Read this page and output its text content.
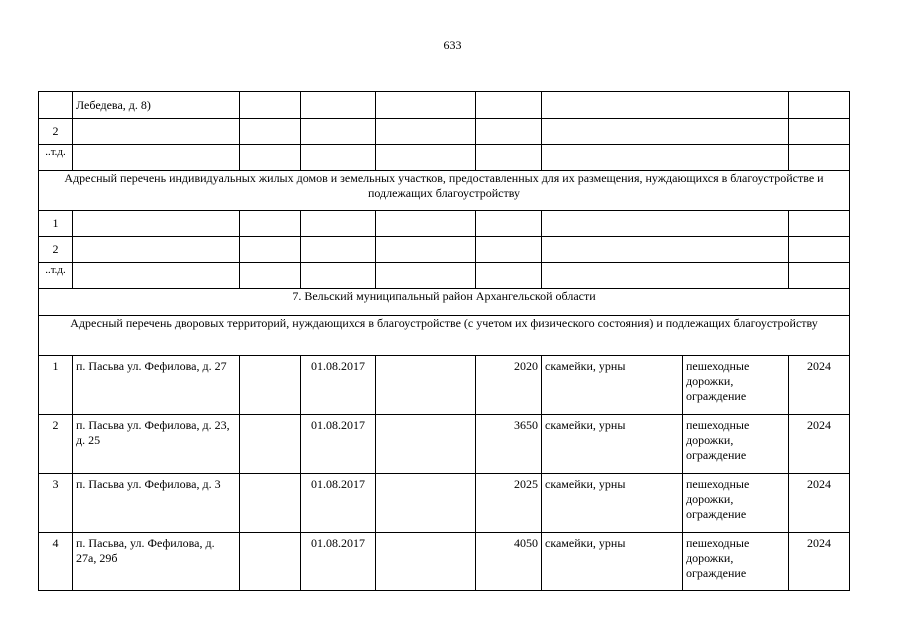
633
	Лебедева, д. 8)							
2								
..т.д.								
Адресный перечень индивидуальных жилых домов и земельных участков, предоставленных для их размещения, нуждающихся в благоустройстве и подлежащих благоустройству								
1								
2								
..т.д.								
7. Вельский муниципальный район Архангельской области								
Адресный перечень дворовых территорий, нуждающихся в благоустройстве (с учетом их физического состояния) и подлежащих благоустройству								
1	п. Пасьва ул. Фефилова, д. 27		01.08.2017		2020	скамейки, урны	пешеходные дорожки, ограждение	2024
2	п. Пасьва ул. Фефилова, д. 23, д. 25		01.08.2017		3650	скамейки, урны	пешеходные дорожки, ограждение	2024
3	п. Пасьва ул. Фефилова, д. 3		01.08.2017		2025	скамейки, урны	пешеходные дорожки, ограждение	2024
4	п. Пасьва, ул. Фефилова, д. 27а, 29б		01.08.2017		4050	скамейки, урны	пешеходные дорожки, ограждение	2024
